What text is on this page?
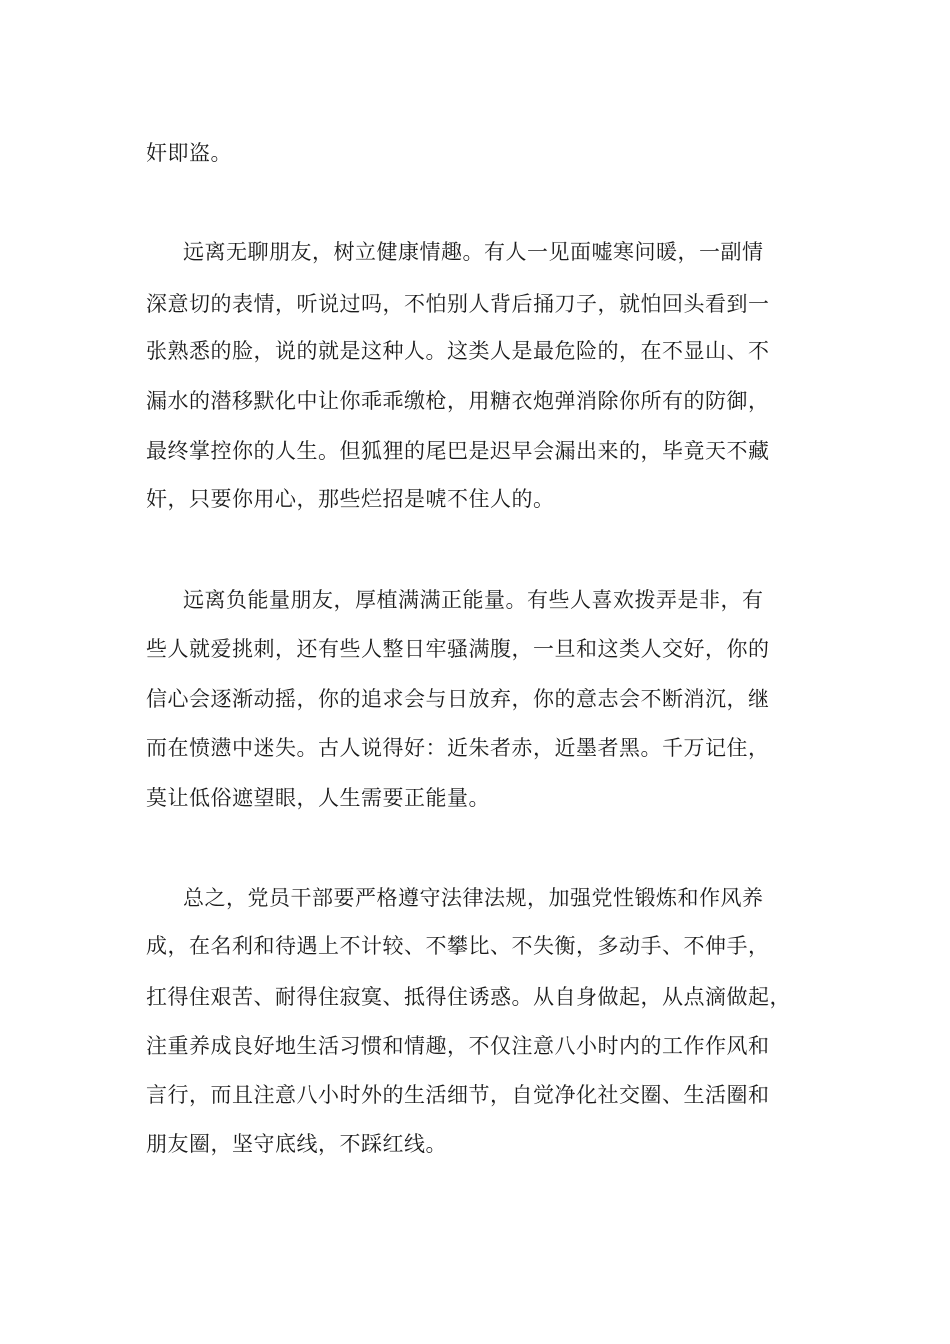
奸即盗。
远离无聊朋友，树立健康情趣。有人一见面嘘寒问暖，一副情
深意切的表情，听说过吗，不怕别人背后捅刀子，就怕回头看到一
张熟悉的脸，说的就是这种人。这类人是最危险的，在不显山、不
漏水的潜移默化中让你乖乖缴枪，用糖衣炮弹消除你所有的防御，
最终掌控你的人生。但狐狸的尾巴是迟早会漏出来的，毕竟天不藏
奸，只要你用心，那些烂招是唬不住人的。
远离负能量朋友，厚植满满正能量。有些人喜欢拨弄是非，有
些人就爱挑刺，还有些人整日牢骚满腹，一旦和这类人交好，你的
信心会逐渐动摇，你的追求会与日放弃，你的意志会不断消沉，继
而在愤懑中迷失。古人说得好：近朱者赤，近墨者黑。千万记住，
莫让低俗遮望眼，人生需要正能量。
总之，党员干部要严格遵守法律法规，加强党性锻炼和作风养
成，在名利和待遇上不计较、不攀比、不失衡，多动手、不伸手，
扛得住艰苦、耐得住寂寞、抵得住诱惑。从自身做起，从点滴做起，
注重养成良好地生活习惯和情趣，不仅注意八小时内的工作作风和
言行，而且注意八小时外的生活细节，自觉净化社交圈、生活圈和
朋友圈，坚守底线，不踩红线。
